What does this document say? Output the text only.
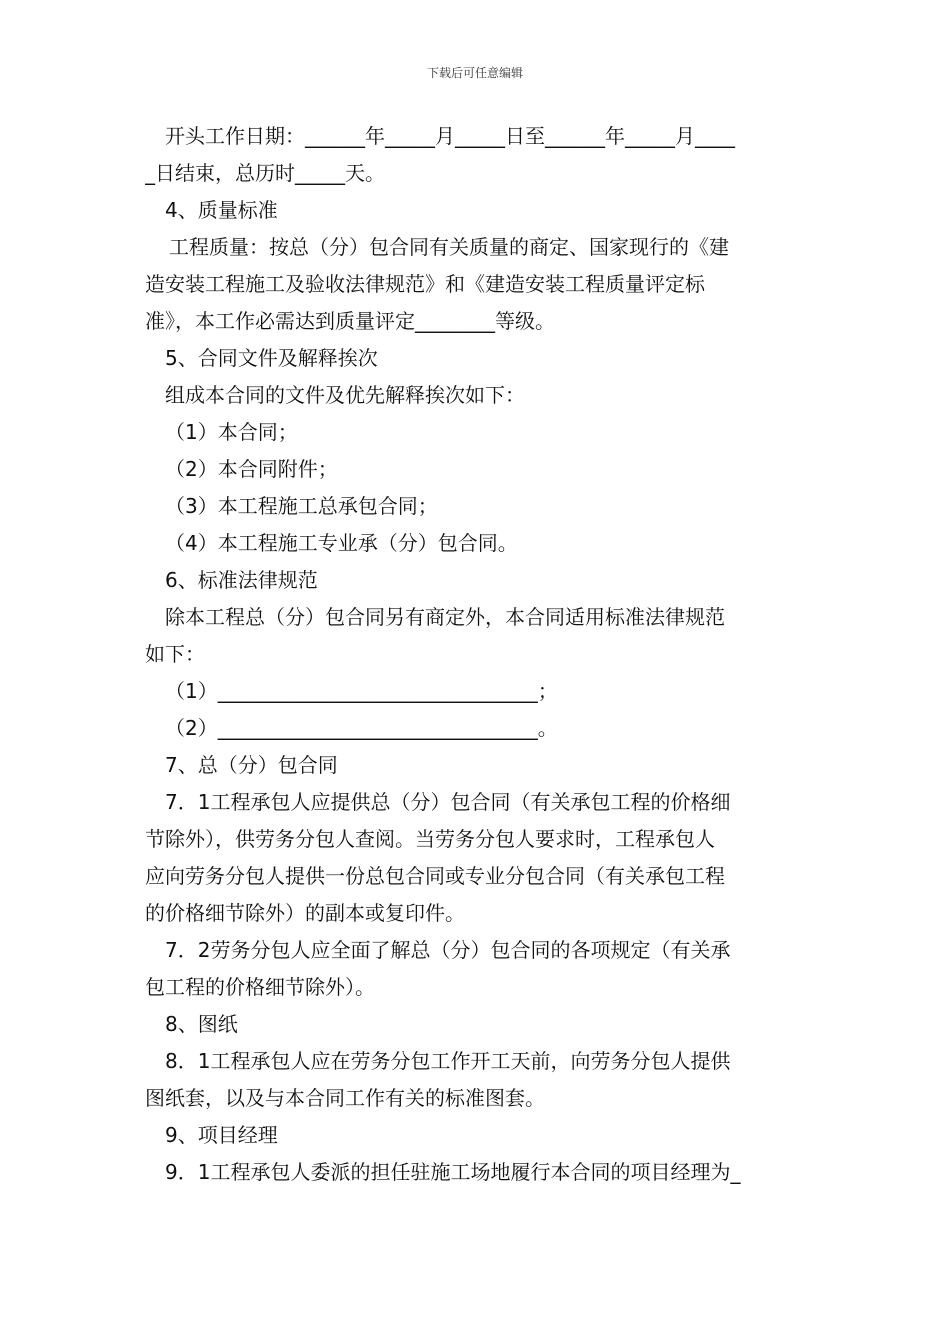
下载后可任意编辑
开头工作日期：______年_____月_____日至______年_____月____
_日结束，总历时_____天。
4、质量标准
工程质量：按总（分）包合同有关质量的商定、国家现行的《建
造安装工程施工及验收法律规范》和《建造安装工程质量评定标
准》，本工作必需达到质量评定________等级。
5、合同文件及解释挨次
组成本合同的文件及优先解释挨次如下：
（1）本合同；
（2）本合同附件；
（3）本工程施工总承包合同；
（4）本工程施工专业承（分）包合同。
6、标准法律规范
除本工程总（分）包合同另有商定外，本合同适用标准法律规范
如下：
（1）________________________________；
（2）________________________________。
7、总（分）包合同
7．1工程承包人应提供总（分）包合同（有关承包工程的价格细
节除外），供劳务分包人查阅。当劳务分包人要求时，工程承包人
应向劳务分包人提供一份总包合同或专业分包合同（有关承包工程
的价格细节除外）的副本或复印件。
7．2劳务分包人应全面了解总（分）包合同的各项规定（有关承
包工程的价格细节除外）。
8、图纸
8．1工程承包人应在劳务分包工作开工天前，向劳务分包人提供
图纸套，以及与本合同工作有关的标准图套。
9、项目经理
9．1工程承包人委派的担任驻施工场地履行本合同的项目经理为_
